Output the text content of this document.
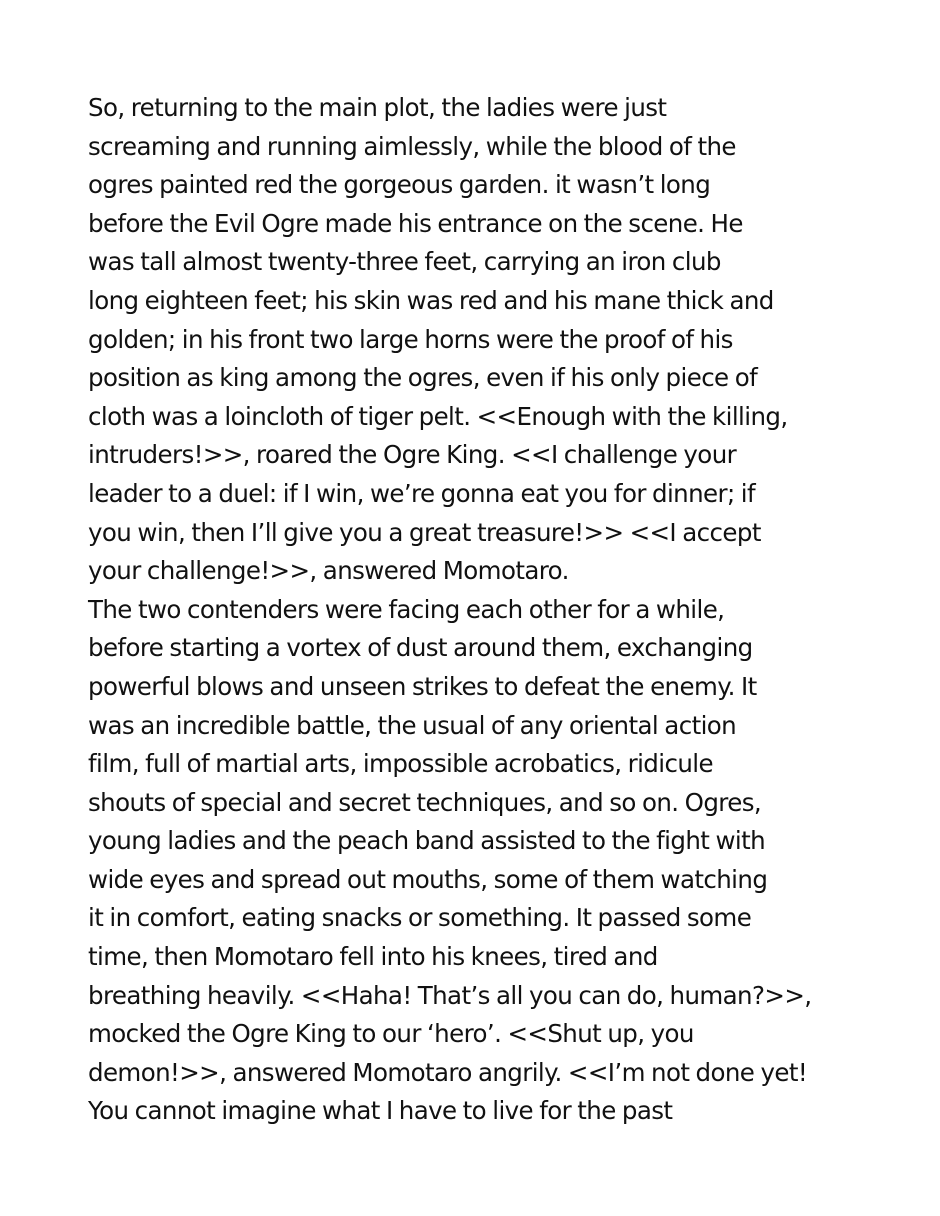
So, returning to the main plot, the ladies were just
screaming and running aimlessly, while the blood of the
ogres painted red the gorgeous garden. it wasn’t long
before the Evil Ogre made his entrance on the scene. He
was tall almost twenty-three feet, carrying an iron club
long eighteen feet; his skin was red and his mane thick and
golden; in his front two large horns were the proof of his
position as king among the ogres, even if his only piece of
cloth was a loincloth of tiger pelt. <<Enough with the killing,
intruders!>>, roared the Ogre King. <<I challenge your
leader to a duel: if I win, we’re gonna eat you for dinner; if
you win, then I’ll give you a great treasure!>> <<I accept
your challenge!>>, answered Momotaro.
The two contenders were facing each other for a while,
before starting a vortex of dust around them, exchanging
powerful blows and unseen strikes to defeat the enemy. It
was an incredible battle, the usual of any oriental action
film, full of martial arts, impossible acrobatics, ridicule
shouts of special and secret techniques, and so on. Ogres,
young ladies and the peach band assisted to the fight with
wide eyes and spread out mouths, some of them watching
it in comfort, eating snacks or something. It passed some
time, then Momotaro fell into his knees, tired and
breathing heavily. <<Haha! That’s all you can do, human?>>,
mocked the Ogre King to our ‘hero’. <<Shut up, you
demon!>>, answered Momotaro angrily. <<I’m not done yet!
You cannot imagine what I have to live for the past
